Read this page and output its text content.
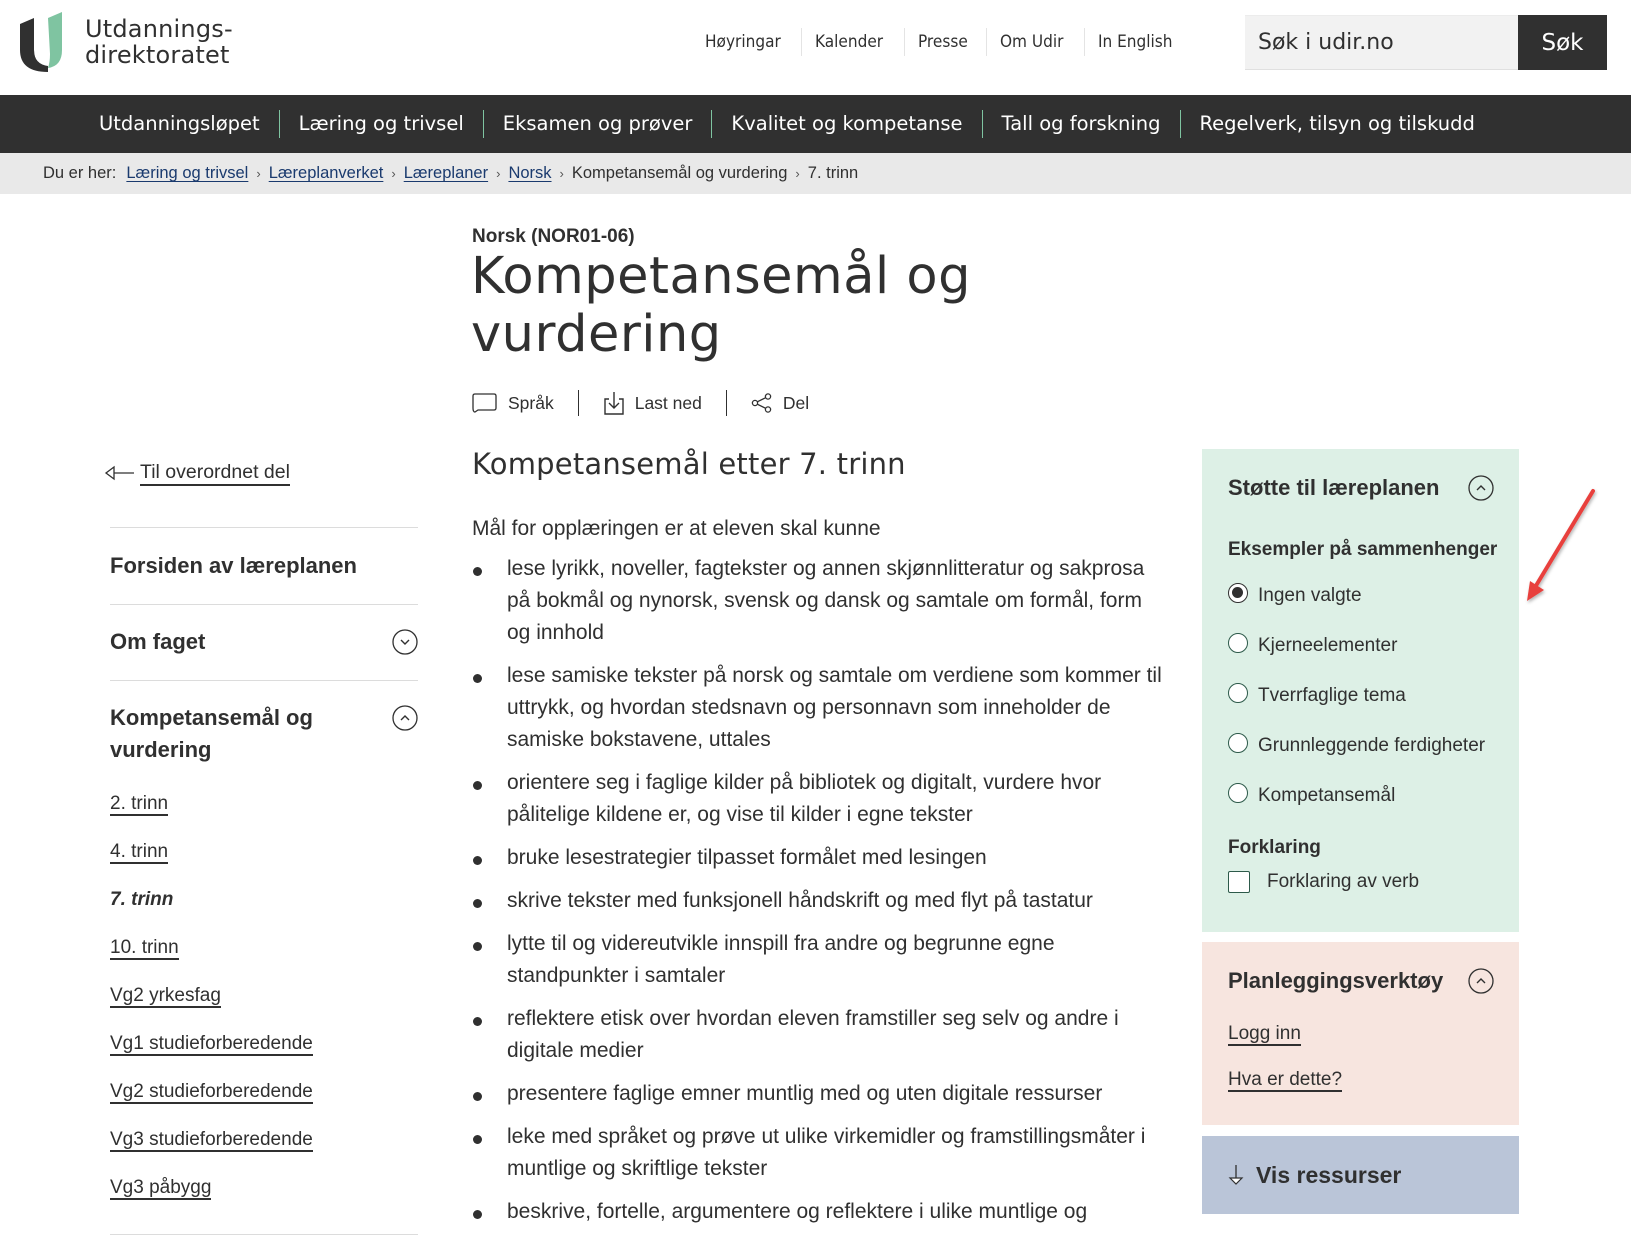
Utdannings-
direktoratet	Høyringar	Kalender	Presse	Om Udir	In English
Søk i udir.no	Søk
Utdanningsløpet	Læring og trivsel	Eksamen og prøver	Kvalitet og kompetanse	Tall og forskning	Regelverk, tilsyn og tilskudd
Du er her: Læring og trivsel › Læreplanverket › Læreplaner › Norsk › Kompetansemål og vurdering › 7. trinn
Norsk (NOR01-06)
Kompetansemål og vurdering
Språk	Last ned	Del
Til overordnet del
Forsiden av læreplanen
Om faget
Kompetansemål og vurdering
2. trinn
4. trinn
7. trinn
10. trinn
Vg2 yrkesfag
Vg1 studieforberedende
Vg2 studieforberedende
Vg3 studieforberedende
Vg3 påbygg
Kompetansemål etter 7. trinn

Mål for opplæringen er at eleven skal kunne

lese lyrikk, noveller, fagtekster og annen skjønnlitteratur og sakprosa på bokmål og nynorsk, svensk og dansk og samtale om formål, form og innhold
lese samiske tekster på norsk og samtale om verdiene som kommer til uttrykk, og hvordan stedsnavn og personnavn som inneholder de samiske bokstavene, uttales
orientere seg i faglige kilder på bibliotek og digitalt, vurdere hvor pålitelige kildene er, og vise til kilder i egne tekster
bruke lesestrategier tilpasset formålet med lesingen
skrive tekster med funksjonell håndskrift og med flyt på tastatur
lytte til og videreutvikle innspill fra andre og begrunne egne standpunkter i samtaler
reflektere etisk over hvordan eleven framstiller seg selv og andre i digitale medier
presentere faglige emner muntlig med og uten digitale ressurser
leke med språket og prøve ut ulike virkemidler og framstillingsmåter i muntlige og skriftlige tekster
beskrive, fortelle, argumentere og reflektere i ulike muntlige og
Støtte til læreplanen
Eksempler på sammenhenger
Ingen valgte
Kjerneelementer
Tverrfaglige tema
Grunnleggende ferdigheter
Kompetansemål
Forklaring
Forklaring av verb
Planleggingsverktøy
Logg inn
Hva er dette?
Vis ressurser
